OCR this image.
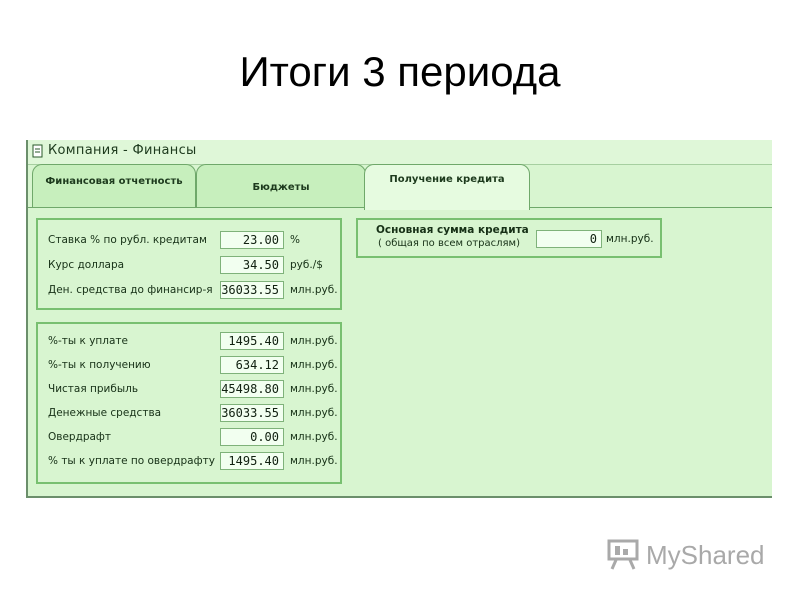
Итоги 3 периода
Компания - Финансы
Финансовая отчетность
Бюджеты
Получение кредита
Ставка % по рубл. кредитам	23.00	%
Курс доллара	34.50	руб./$
Ден. средства до финансир-я 36033.55	млн.руб.
%-ты к уплате	1495.40	млн.руб.
%-ты к получению	634.12	млн.руб.
Чистая прибыль	45498.80	млн.руб.
Денежные средства	36033.55	млн.руб.
Овердрафт	0.00	млн.руб.
% ты к уплате по овердрафту	1495.40	млн.руб.
Основная сумма кредита
( общая по всем отраслям)	0 млн.руб.
MyShared
